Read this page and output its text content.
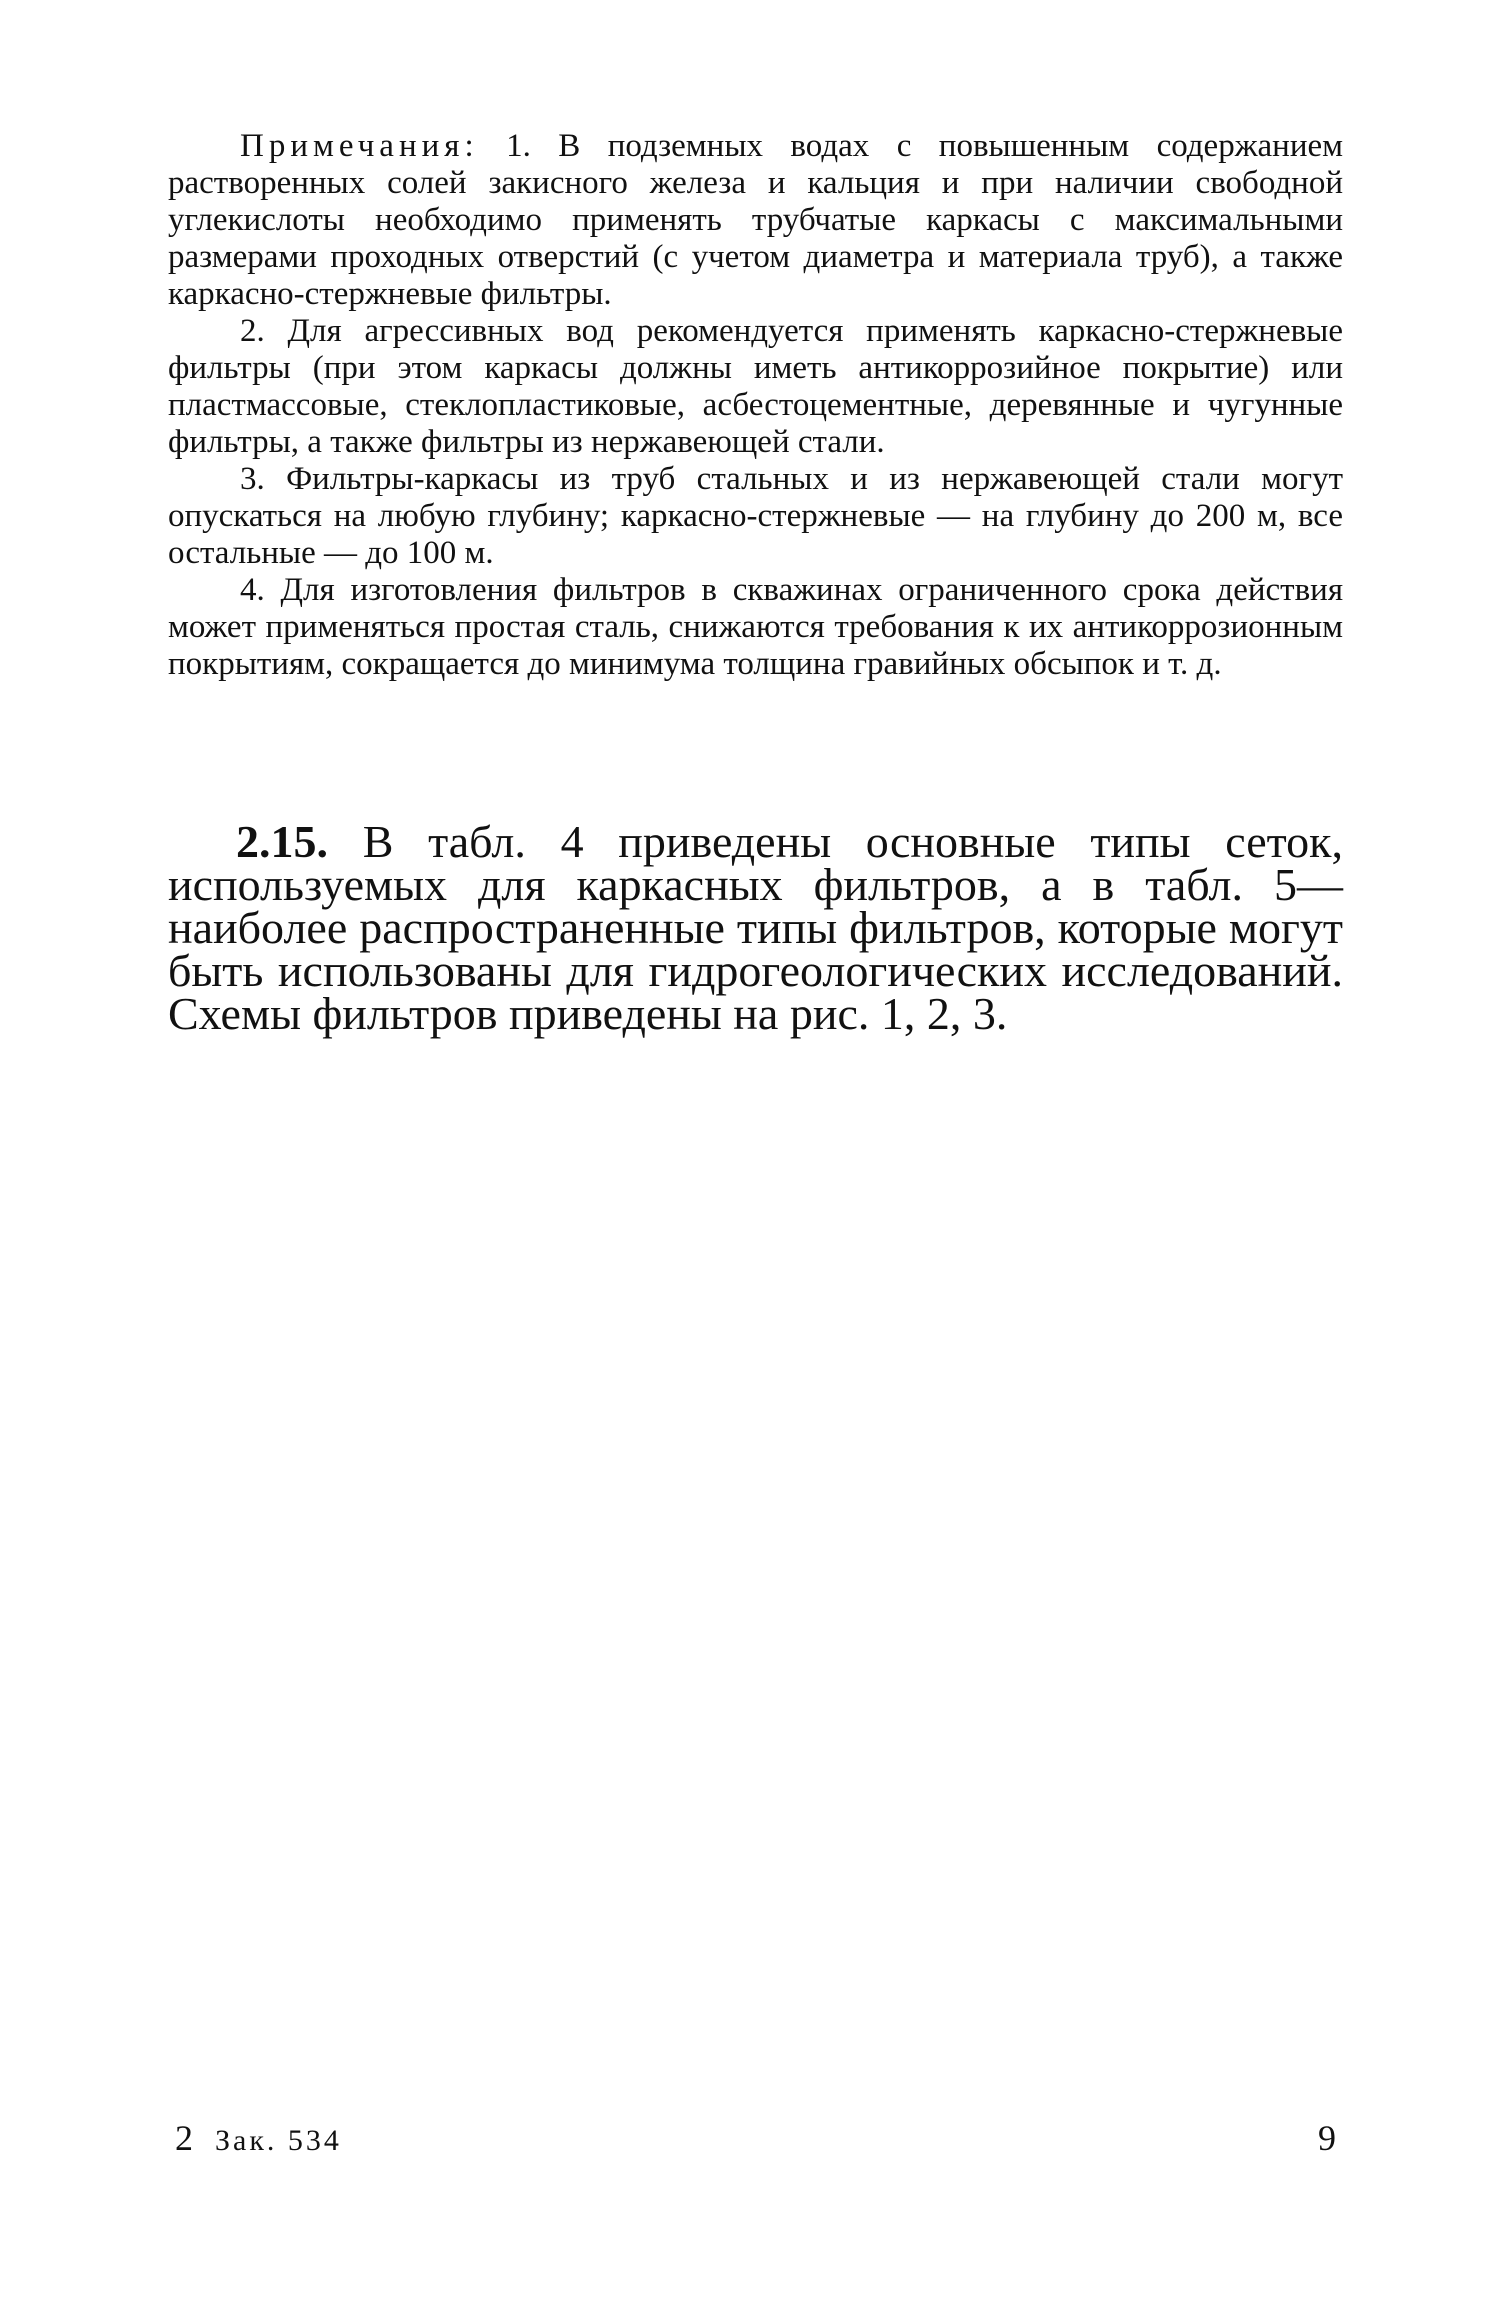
Примечания: 1. В подземных водах с повышенным содержанием растворенных солей закисного железа и кальция и при наличии свободной углекислоты необходимо применять трубчатые каркасы с максимальными размерами проходных отверстий (с учетом диаметра и материала труб), а также каркасно-стержневые фильтры.

2. Для агрессивных вод рекомендуется применять каркасно-стержневые фильтры (при этом каркасы должны иметь антикоррозийное покрытие) или пластмассовые, стеклопластиковые, асбестоцементные, деревянные и чугунные фильтры, а также фильтры из нержавеющей стали.

3. Фильтры-каркасы из труб стальных и из нержавеющей стали могут опускаться на любую глубину; каркасно-стержневые — на глубину до 200 м, все остальные — до 100 м.

4. Для изготовления фильтров в скважинах ограниченного срока действия может применяться простая сталь, снижаются требования к их антикоррозионным покрытиям, сокращается до минимума толщина гравийных обсыпок и т. д.

2.15. В табл. 4 приведены основные типы сеток, используемых для каркасных фильтров, а в табл. 5—наиболее распространенные типы фильтров, которые могут быть использованы для гидрогеологических исследований. Схемы фильтров приведены на рис. 1, 2, 3.

2 Зак. 534	9
